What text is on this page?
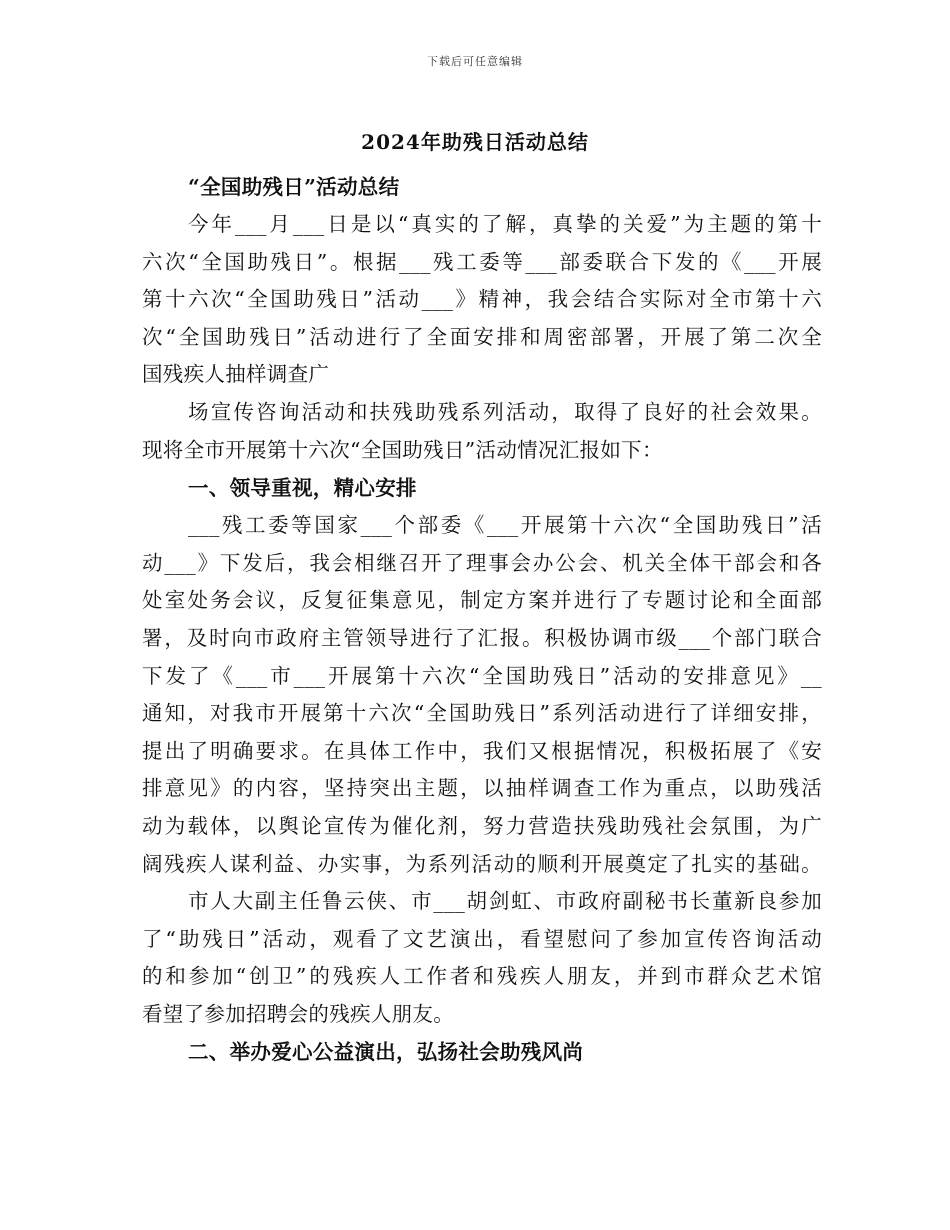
下载后可任意编辑
2024年助残日活动总结
“全国助残日”活动总结
今年___月___日是以“真实的了解，真挚的关爱”为主题的第十
六次“全国助残日”。根据___残工委等___部委联合下发的《___开展
第十六次“全国助残日”活动___》精神，我会结合实际对全市第十六
次“全国助残日”活动进行了全面安排和周密部署，开展了第二次全
国残疾人抽样调查广
场宣传咨询活动和扶残助残系列活动，取得了良好的社会效果。
现将全市开展第十六次“全国助残日”活动情况汇报如下：
一、领导重视，精心安排
___残工委等国家___个部委《___开展第十六次“全国助残日”活
动___》下发后，我会相继召开了理事会办公会、机关全体干部会和各
处室处务会议，反复征集意见，制定方案并进行了专题讨论和全面部
署，及时向市政府主管领导进行了汇报。积极协调市级___个部门联合
下发了《___市___开展第十六次“全国助残日”活动的安排意见》__
通知，对我市开展第十六次“全国助残日”系列活动进行了详细安排，
提出了明确要求。在具体工作中，我们又根据情况，积极拓展了《安
排意见》的内容，坚持突出主题，以抽样调查工作为重点，以助残活
动为载体，以舆论宣传为催化剂，努力营造扶残助残社会氛围，为广
阔残疾人谋利益、办实事，为系列活动的顺利开展奠定了扎实的基础。
市人大副主任鲁云侠、市___胡剑虹、市政府副秘书长董新良参加
了“助残日”活动，观看了文艺演出，看望慰问了参加宣传咨询活动
的和参加“创卫”的残疾人工作者和残疾人朋友，并到市群众艺术馆
看望了参加招聘会的残疾人朋友。
二、举办爱心公益演出，弘扬社会助残风尚
